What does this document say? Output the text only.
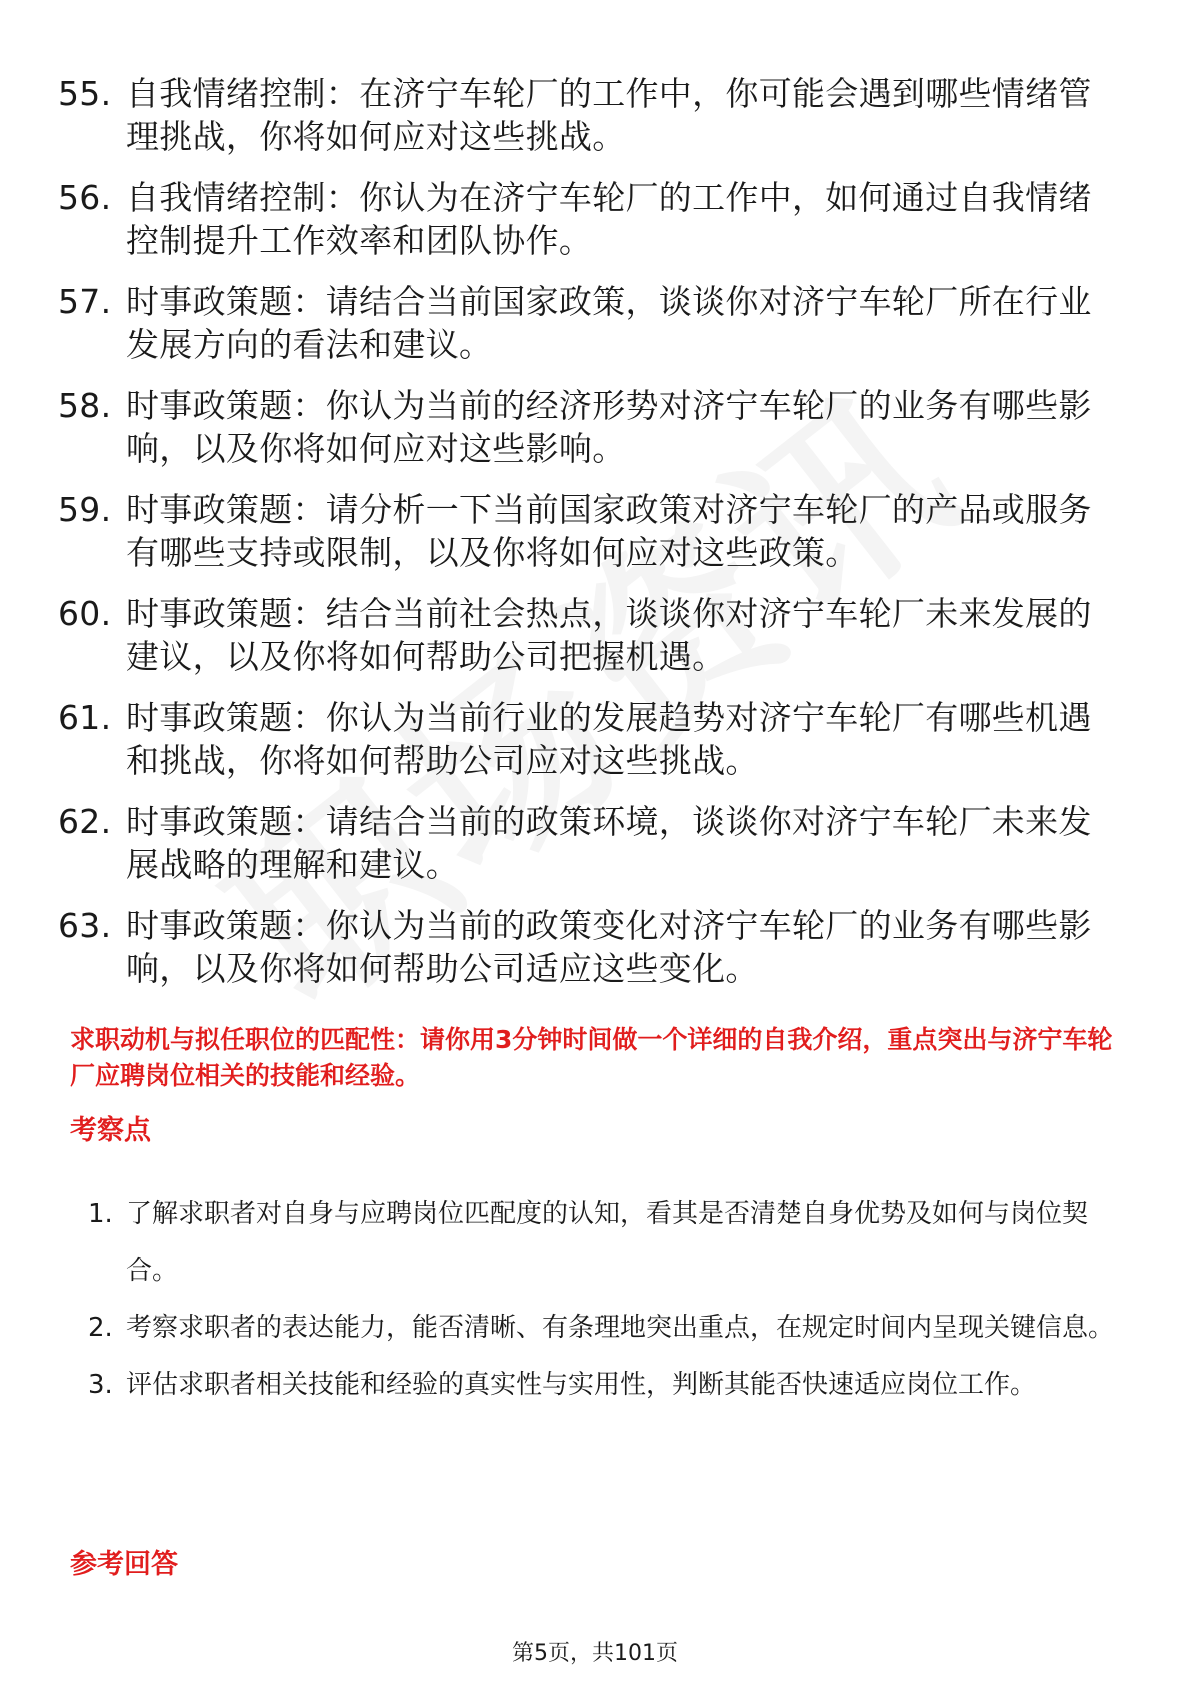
55. 自我情绪控制：在济宁车轮厂的工作中，你可能会遇到哪些情绪管理挑战，你将如何应对这些挑战。
56. 自我情绪控制：你认为在济宁车轮厂的工作中，如何通过自我情绪控制提升工作效率和团队协作。
57. 时事政策题：请结合当前国家政策，谈谈你对济宁车轮厂所在行业发展方向的看法和建议。
58. 时事政策题：你认为当前的经济形势对济宁车轮厂的业务有哪些影响，以及你将如何应对这些影响。
59. 时事政策题：请分析一下当前国家政策对济宁车轮厂的产品或服务有哪些支持或限制，以及你将如何应对这些政策。
60. 时事政策题：结合当前社会热点，谈谈你对济宁车轮厂未来发展的建议，以及你将如何帮助公司把握机遇。
61. 时事政策题：你认为当前行业的发展趋势对济宁车轮厂有哪些机遇和挑战，你将如何帮助公司应对这些挑战。
62. 时事政策题：请结合当前的政策环境，谈谈你对济宁车轮厂未来发展战略的理解和建议。
63. 时事政策题：你认为当前的政策变化对济宁车轮厂的业务有哪些影响，以及你将如何帮助公司适应这些变化。

求职动机与拟任职位的匹配性：请你用3分钟时间做一个详细的自我介绍，重点突出与济宁车轮厂应聘岗位相关的技能和经验。

考察点
1. 了解求职者对自身与应聘岗位匹配度的认知，看其是否清楚自身优势及如何与岗位契合。
2. 考察求职者的表达能力，能否清晰、有条理地突出重点，在规定时间内呈现关键信息。
3. 评估求职者相关技能和经验的真实性与实用性，判断其能否快速适应岗位工作。
参考回答
第5页，共101页
